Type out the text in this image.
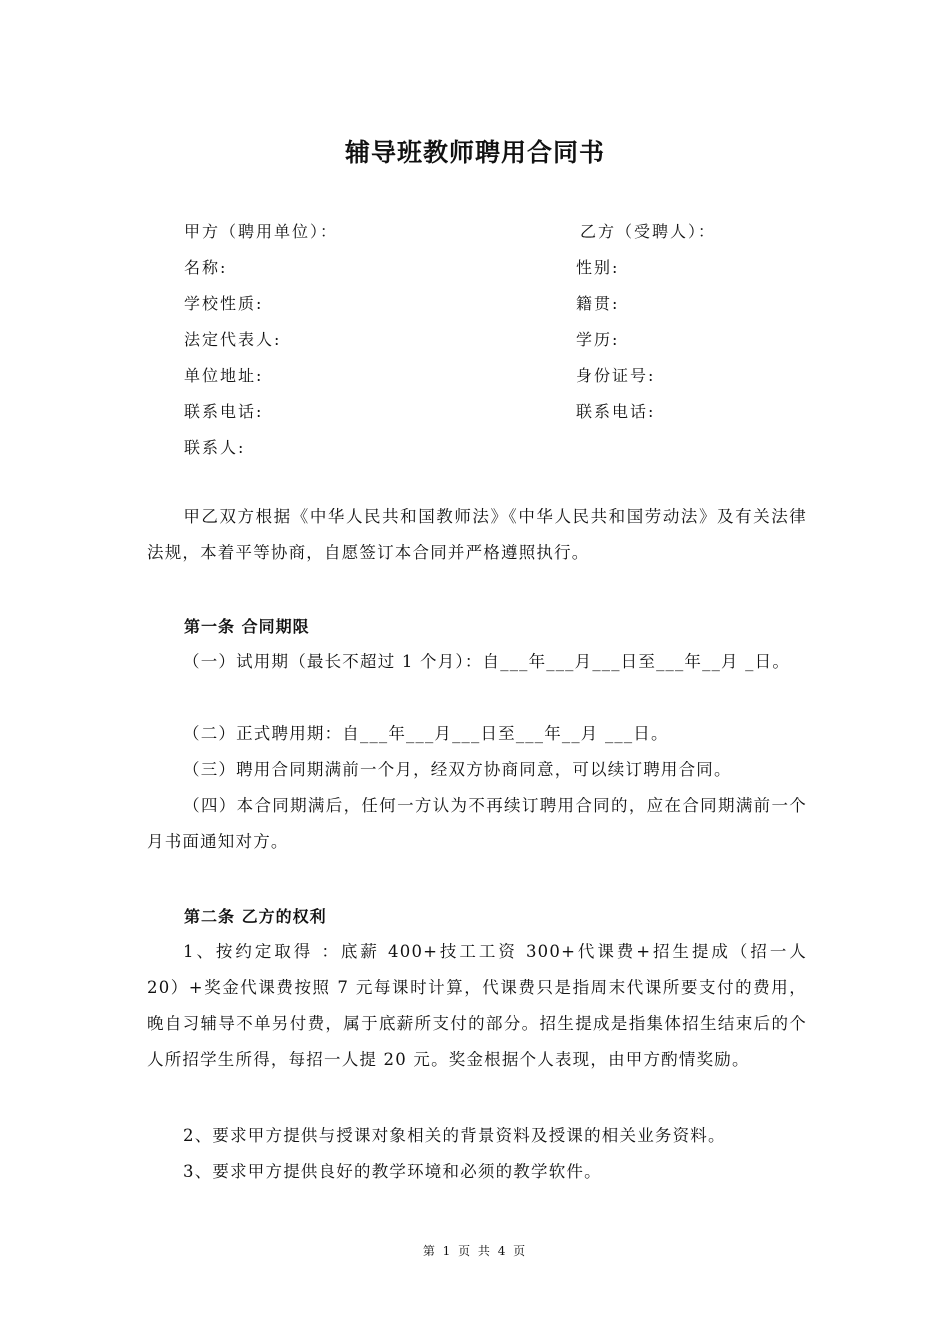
辅导班教师聘用合同书
甲方（聘用单位）：
名称:
学校性质:
法定代表人:
单位地址:
联系电话:
联系人:
乙方（受聘人）：
性别:
籍贯:
学历:
身份证号:
联系电话:
甲乙双方根据《中华人民共和国教师法》《中华人民共和国劳动法》及有关法律法规，本着平等协商，自愿签订本合同并严格遵照执行。
第一条 合同期限
（一）试用期（最长不超过 1 个月）：自___年___月___日至___年__月 _日。
（二）正式聘用期：自___年___月___日至___年__月 ___日。
（三）聘用合同期满前一个月，经双方协商同意，可以续订聘用合同。
（四）本合同期满后，任何一方认为不再续订聘用合同的，应在合同期满前一个月书面通知对方。
第二条 乙方的权利
1、按约定取得 ：底薪 400+技工工资 300+代课费+招生提成（招一人 20）+奖金代课费按照 7 元每课时计算，代课费只是指周末代课所要支付的费用，晚自习辅导不单另付费，属于底薪所支付的部分。招生提成是指集体招生结束后的个人所招学生所得，每招一人提 20 元。奖金根据个人表现，由甲方酌情奖励。
2、要求甲方提供与授课对象相关的背景资料及授课的相关业务资料。
3、要求甲方提供良好的教学环境和必须的教学软件。
第 1 页 共 4 页
